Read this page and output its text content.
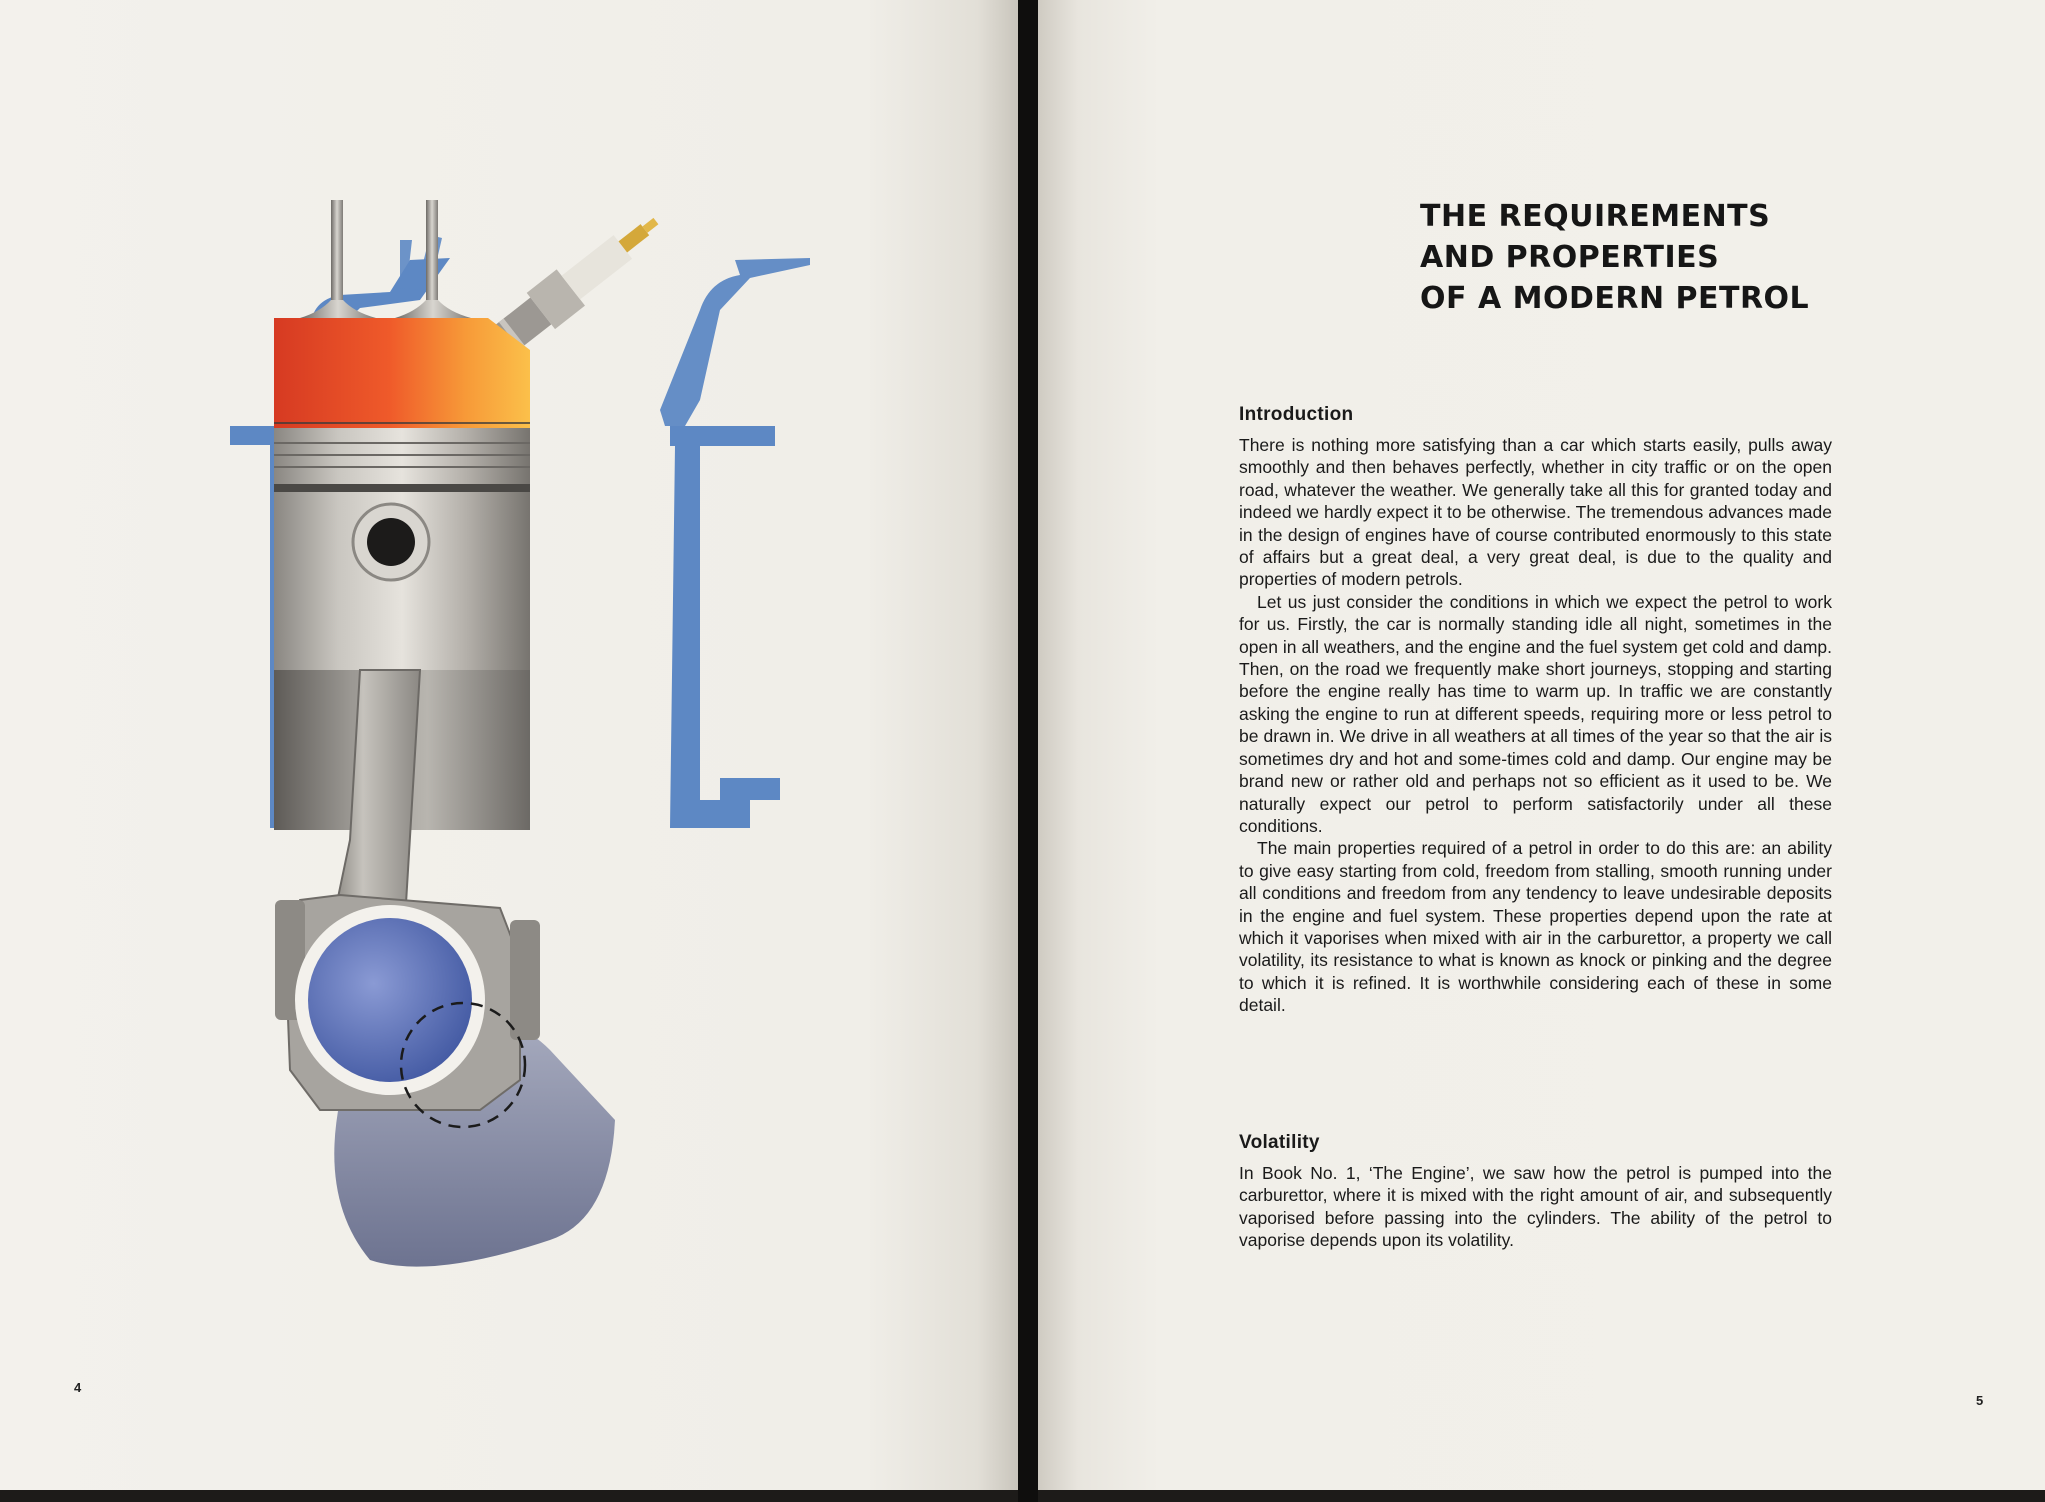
4
THE REQUIREMENTS
AND PROPERTIES
OF A MODERN PETROL
Introduction

There is nothing more satisfying than a car which starts easily, pulls away smoothly and then behaves perfectly, whether in city traffic or on the open road, whatever the weather. We generally take all this for granted today and indeed we hardly expect it to be otherwise. The tremendous advances made in the design of engines have of course contributed enormously to this state of affairs but a great deal, a very great deal, is due to the quality and properties of modern petrols.

Let us just consider the conditions in which we expect the petrol to work for us. Firstly, the car is normally standing idle all night, sometimes in the open in all weathers, and the engine and the fuel system get cold and damp. Then, on the road we frequently make short journeys, stopping and starting before the engine really has time to warm up. In traffic we are constantly asking the engine to run at different speeds, requiring more or less petrol to be drawn in. We drive in all weathers at all times of the year so that the air is sometimes dry and hot and some-times cold and damp. Our engine may be brand new or rather old and perhaps not so efficient as it used to be. We naturally expect our petrol to perform satisfactorily under all these conditions.

The main properties required of a petrol in order to do this are: an ability to give easy starting from cold, freedom from stalling, smooth running under all conditions and freedom from any tendency to leave undesirable deposits in the engine and fuel system. These properties depend upon the rate at which it vaporises when mixed with air in the carburettor, a property we call volatility, its resistance to what is known as knock or pinking and the degree to which it is refined. It is worthwhile considering each of these in some detail.

Volatility

In Book No. 1, ‘The Engine’, we saw how the petrol is pumped into the carburettor, where it is mixed with the right amount of air, and subsequently vaporised before passing into the cylinders. The ability of the petrol to vaporise depends upon its volatility.

5
